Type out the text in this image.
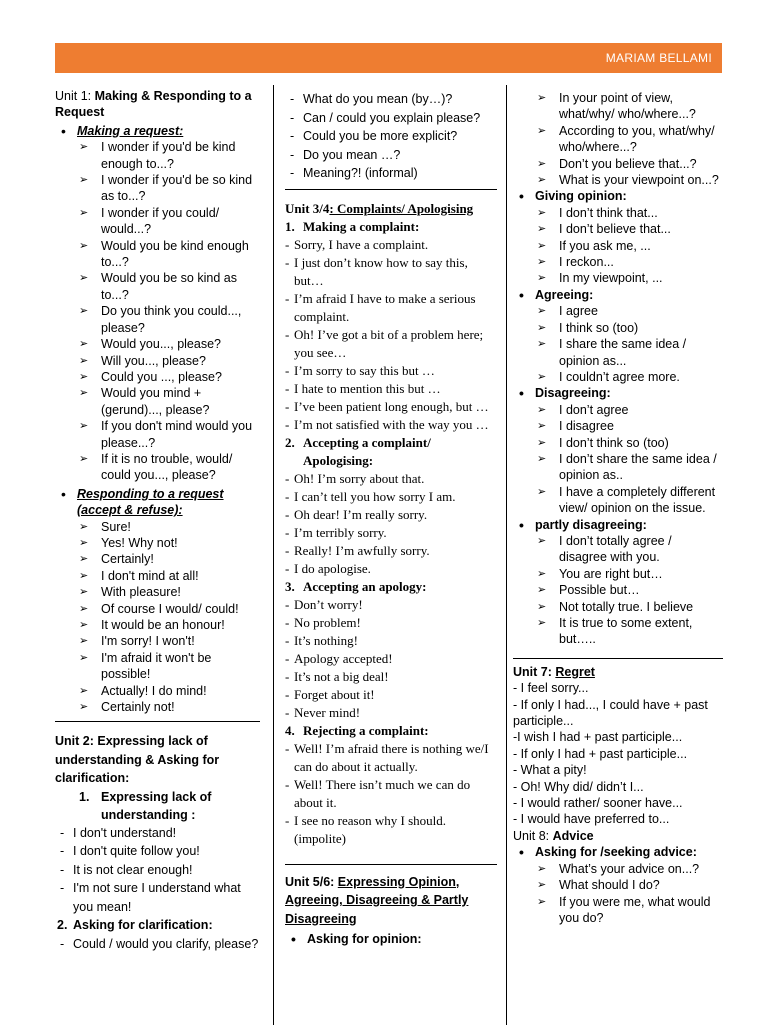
MARIAM BELLAMI
Unit 1: Making & Responding to a Request
• Making a request:
➢ I wonder if you'd be kind enough to...?
➢ I wonder if you'd be so kind as to...?
➢ I wonder if you could/ would...?
➢ Would you be kind enough to...?
➢ Would you be so kind as to...?
➢ Do you think you could..., please?
➢ Would you..., please?
➢ Will you..., please?
➢ Could you ..., please?
➢ Would you mind + (gerund)..., please?
➢ If you don't mind would you please...?
➢ If it is no trouble, would/ could you..., please?
• Responding to a request (accept & refuse):
➢ Sure!
➢ Yes! Why not!
➢ Certainly!
➢ I don't mind at all!
➢ With pleasure!
➢ Of course I would/ could!
➢ It would be an honour!
➢ I'm sorry! I won't!
➢ I'm afraid it won't be possible!
➢ Actually! I do mind!
➢ Certainly not!
Unit 2: Expressing lack of understanding & Asking for clarification:
1. Expressing lack of understanding :
- I don't understand!
- I don't quite follow you!
- It is not clear enough!
- I'm not sure I understand what you mean!
2. Asking for clarification:
- Could / would you clarify, please?
- What do you mean (by…)?
- Can / could you explain please?
- Could you be more explicit?
- Do you mean …?
- Meaning?! (informal)
Unit 3/4: Complaints/ Apologising
1. Making a complaint:
- Sorry, I have a complaint.
- I just don’t know how to say this, but…
- I’m afraid I have to make a serious complaint.
- Oh! I’ve got a bit of a problem here; you see…
- I’m sorry to say this but …
- I hate to mention this but …
- I’ve been patient long enough, but …
- I’m not satisfied with the way you …
2. Accepting a complaint/ Apologising:
- Oh! I’m sorry about that.
- I can’t tell you how sorry I am.
- Oh dear! I’m really sorry.
- I’m terribly sorry.
- Really! I’m awfully sorry.
- I do apologise.
3. Accepting an apology:
- Don’t worry!
- No problem!
- It’s nothing!
- Apology accepted!
- It’s not a big deal!
- Forget about it!
- Never mind!
4. Rejecting a complaint:
- Well! I’m afraid there is nothing we/I can do about it actually.
- Well! There isn’t much we can do about it.
- I see no reason why I should. (impolite)
Unit 5/6: Expressing Opinion, Agreeing, Disagreeing & Partly Disagreeing
• Asking for opinion:
➢ In your point of view, what/why/ who/where...?
➢ According to you, what/why/ who/where...?
➢ Don’t you believe that...?
➢ What is your viewpoint on...?
• Giving opinion:
➢ I don’t think that...
➢ I don’t believe that...
➢ If you ask me, ...
➢ I reckon...
➢ In my viewpoint, ...
• Agreeing:
➢ I agree
➢ I think so (too)
➢ I share the same idea / opinion as...
➢ I couldn’t agree more.
• Disagreeing:
➢ I don’t agree
➢ I disagree
➢ I don’t think so (too)
➢ I don’t share the same idea / opinion as..
➢ I have a completely different view/ opinion on the issue.
• partly disagreeing:
➢ I don’t totally agree / disagree with you.
➢ You are right but…
➢ Possible but…
➢ Not totally true. I believe
➢ It is true to some extent, but…..
Unit 7: Regret
- I feel sorry...
- If only I had..., I could have + past participle...
-I wish I had + past participle...
- If only I had + past participle...
- What a pity!
- Oh! Why did/ didn’t I...
- I would rather/ sooner have...
- I would have preferred to...
Unit 8: Advice
• Asking for /seeking advice:
➢ What’s your advice on...?
➢ What should I do?
➢ If you were me, what would you do?
